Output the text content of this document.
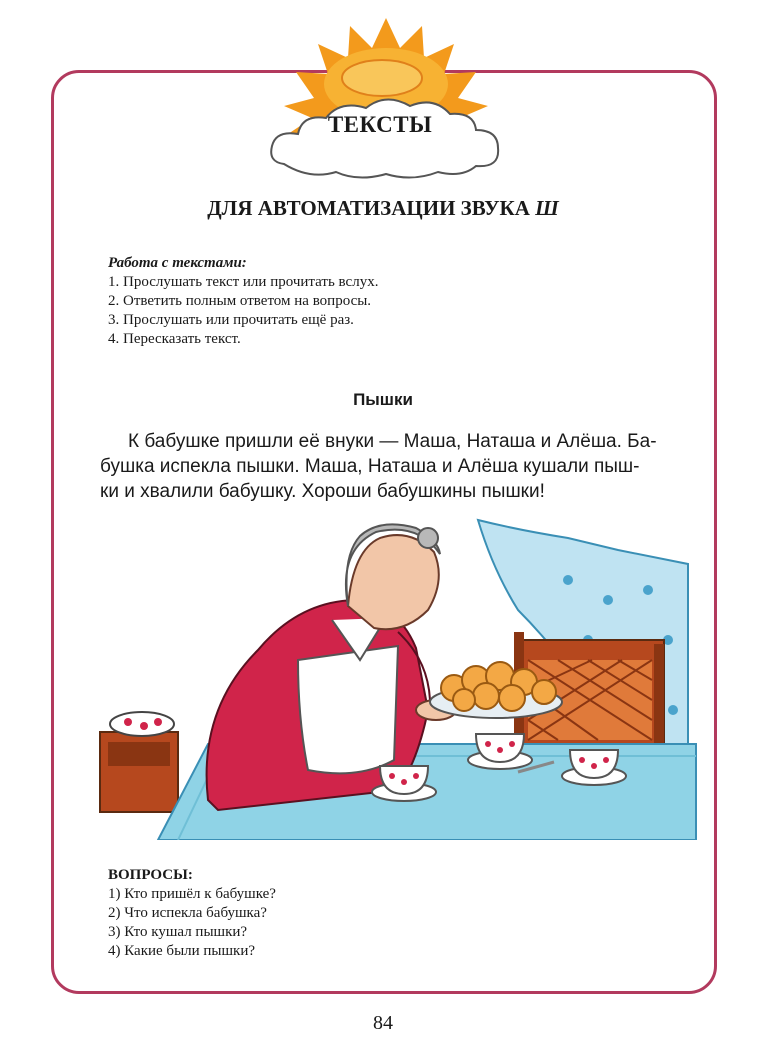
ТЕКСТЫ
ДЛЯ АВТОМАТИЗАЦИИ ЗВУКА Ш
Работа с текстами:
1. Прослушать текст или прочитать вслух.
2. Ответить полным ответом на вопросы.
3. Прослушать или прочитать ещё раз.
4. Пересказать текст.
Пышки
К бабушке пришли её внуки — Маша, Наташа и Алёша. Ба-
бушка испекла пышки. Маша, Наташа и Алёша кушали пыш-
ки и хвалили бабушку. Хороши бабушкины пышки!
ВОПРОСЫ:
1) Кто пришёл к бабушке?
2) Что испекла бабушка?
3) Кто кушал пышки?
4) Какие были пышки?
84
